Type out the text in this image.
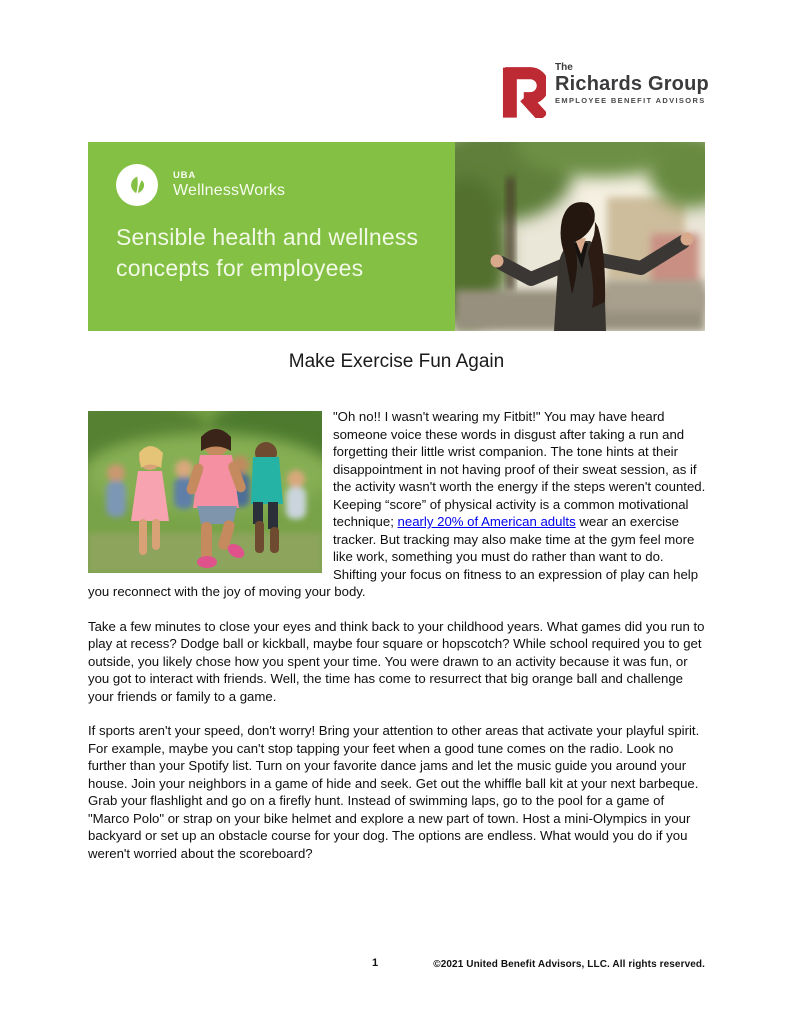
The
Richards Group
EMPLOYEE BENEFIT ADVISORS
UBA
WellnessWorks
Sensible health and wellness
concepts for employees
Make Exercise Fun Again

"Oh no!! I wasn't wearing my Fitbit!" You may have heard someone voice these words in disgust after taking a run and forgetting their little wrist companion. The tone hints at their disappointment in not having proof of their sweat session, as if the activity wasn't worth the energy if the steps weren't counted. Keeping “score” of physical activity is a common motivational technique; nearly 20% of American adults wear an exercise tracker. But tracking may also make time at the gym feel more like work, something you must do rather than want to do. Shifting your focus on fitness to an expression of play can help you reconnect with the joy of moving your body.

Take a few minutes to close your eyes and think back to your childhood years. What games did you run to play at recess? Dodge ball or kickball, maybe four square or hopscotch? While school required you to get outside, you likely chose how you spent your time. You were drawn to an activity because it was fun, or you got to interact with friends. Well, the time has come to resurrect that big orange ball and challenge your friends or family to a game.

If sports aren't your speed, don't worry! Bring your attention to other areas that activate your playful spirit. For example, maybe you can't stop tapping your feet when a good tune comes on the radio. Look no further than your Spotify list. Turn on your favorite dance jams and let the music guide you around your house. Join your neighbors in a game of hide and seek. Get out the whiffle ball kit at your next barbeque. Grab your flashlight and go on a firefly hunt. Instead of swimming laps, go to the pool for a game of "Marco Polo" or strap on your bike helmet and explore a new part of town. Host a mini-Olympics in your backyard or set up an obstacle course for your dog. The options are endless. What would you do if you weren't worried about the scoreboard?

1	©2021 United Benefit Advisors, LLC. All rights reserved.
